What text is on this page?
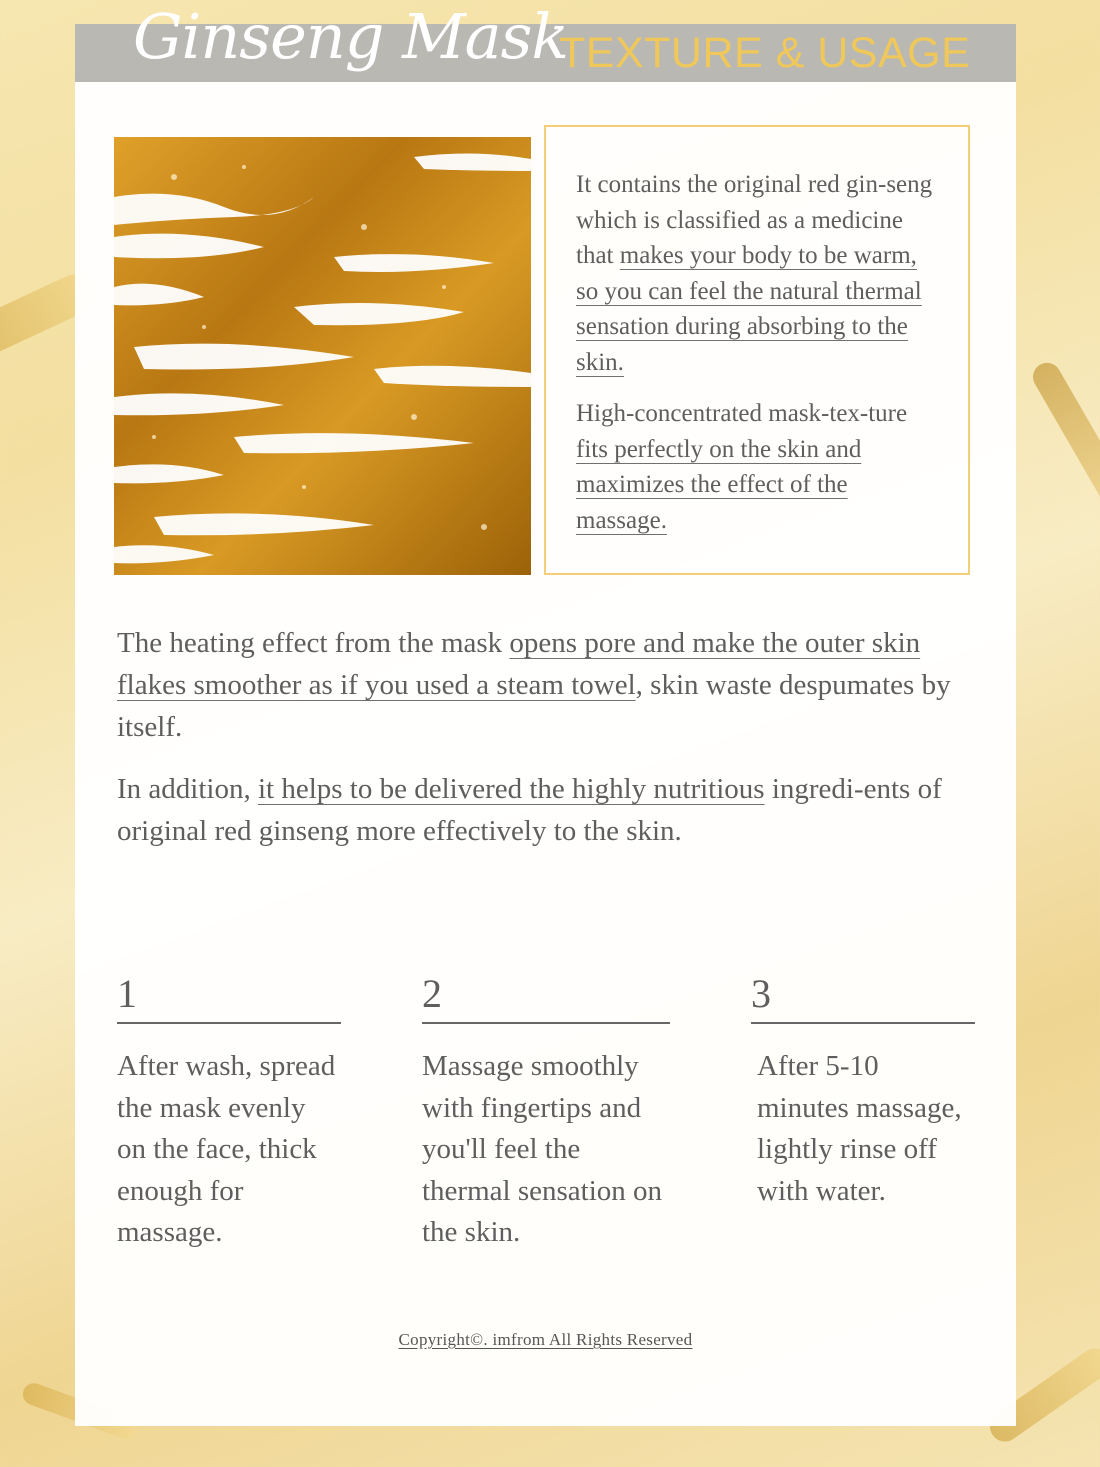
Ginseng Mask
TEXTURE & USAGE

It contains the original red gin-seng which is classified as a medicine that makes your body to be warm, so you can feel the natural thermal sensation during absorbing to the skin.

High-concentrated mask-tex-ture fits perfectly on the skin and maximizes the effect of the massage.

The heating effect from the mask opens pore and make the outer skin flakes smoother as if you used a steam towel, skin waste despumates by itself.

In addition, it helps to be delivered the highly nutritious ingredi-ents of original red ginseng more effectively to the skin.

1
After wash, spread the mask evenly on the face, thick enough for massage.
2
Massage smoothly with fingertips and you'll feel the thermal sensation on the skin.
3
After 5-10 minutes massage, lightly rinse off with water.
Copyright©. imfrom All Rights Reserved
